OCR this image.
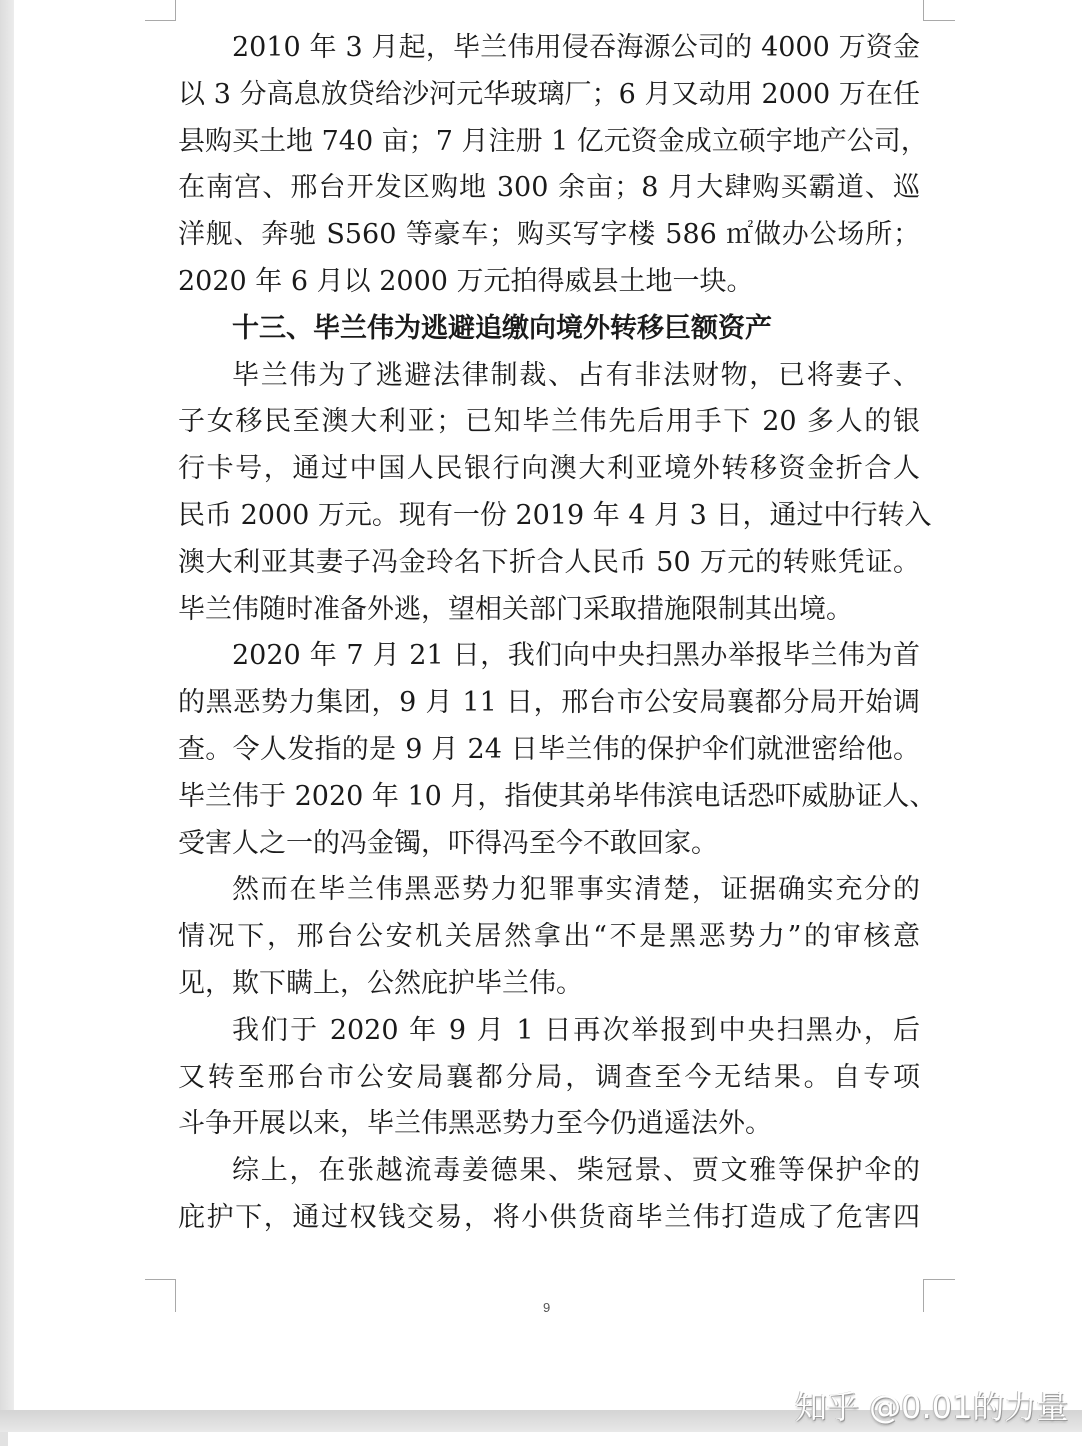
2010 年 3 月起，毕兰伟用侵吞海源公司的 4000 万资金
以 3 分高息放贷给沙河元华玻璃厂；6 月又动用 2000 万在任
县购买土地 740 亩；7 月注册 1 亿元资金成立硕宇地产公司，
在南宫、邢台开发区购地 300 余亩；8 月大肆购买霸道、巡
洋舰、奔驰 S560 等豪车；购买写字楼 586 ㎡做办公场所；
2020 年 6 月以 2000 万元拍得威县土地一块。
十三、毕兰伟为逃避追缴向境外转移巨额资产
毕兰伟为了逃避法律制裁、占有非法财物，已将妻子、
子女移民至澳大利亚；已知毕兰伟先后用手下 20 多人的银
行卡号，通过中国人民银行向澳大利亚境外转移资金折合人
民币 2000 万元。现有一份 2019 年 4 月 3 日，通过中行转入
澳大利亚其妻子冯金玲名下折合人民币 50 万元的转账凭证。
毕兰伟随时准备外逃，望相关部门采取措施限制其出境。
2020 年 7 月 21 日，我们向中央扫黑办举报毕兰伟为首
的黑恶势力集团，9 月 11 日，邢台市公安局襄都分局开始调
查。令人发指的是 9 月 24 日毕兰伟的保护伞们就泄密给他。
毕兰伟于 2020 年 10 月，指使其弟毕伟滨电话恐吓威胁证人、
受害人之一的冯金镯，吓得冯至今不敢回家。
然而在毕兰伟黑恶势力犯罪事实清楚，证据确实充分的
情况下，邢台公安机关居然拿出“不是黑恶势力”的审核意
见，欺下瞒上，公然庇护毕兰伟。
我们于 2020 年 9 月 1 日再次举报到中央扫黑办，后
又转至邢台市公安局襄都分局，调查至今无结果。自专项
斗争开展以来，毕兰伟黑恶势力至今仍逍遥法外。
综上，在张越流毒姜德果、柴冠景、贾文雅等保护伞的
庇护下，通过权钱交易，将小供货商毕兰伟打造成了危害四
9
知乎 @0.01的力量
